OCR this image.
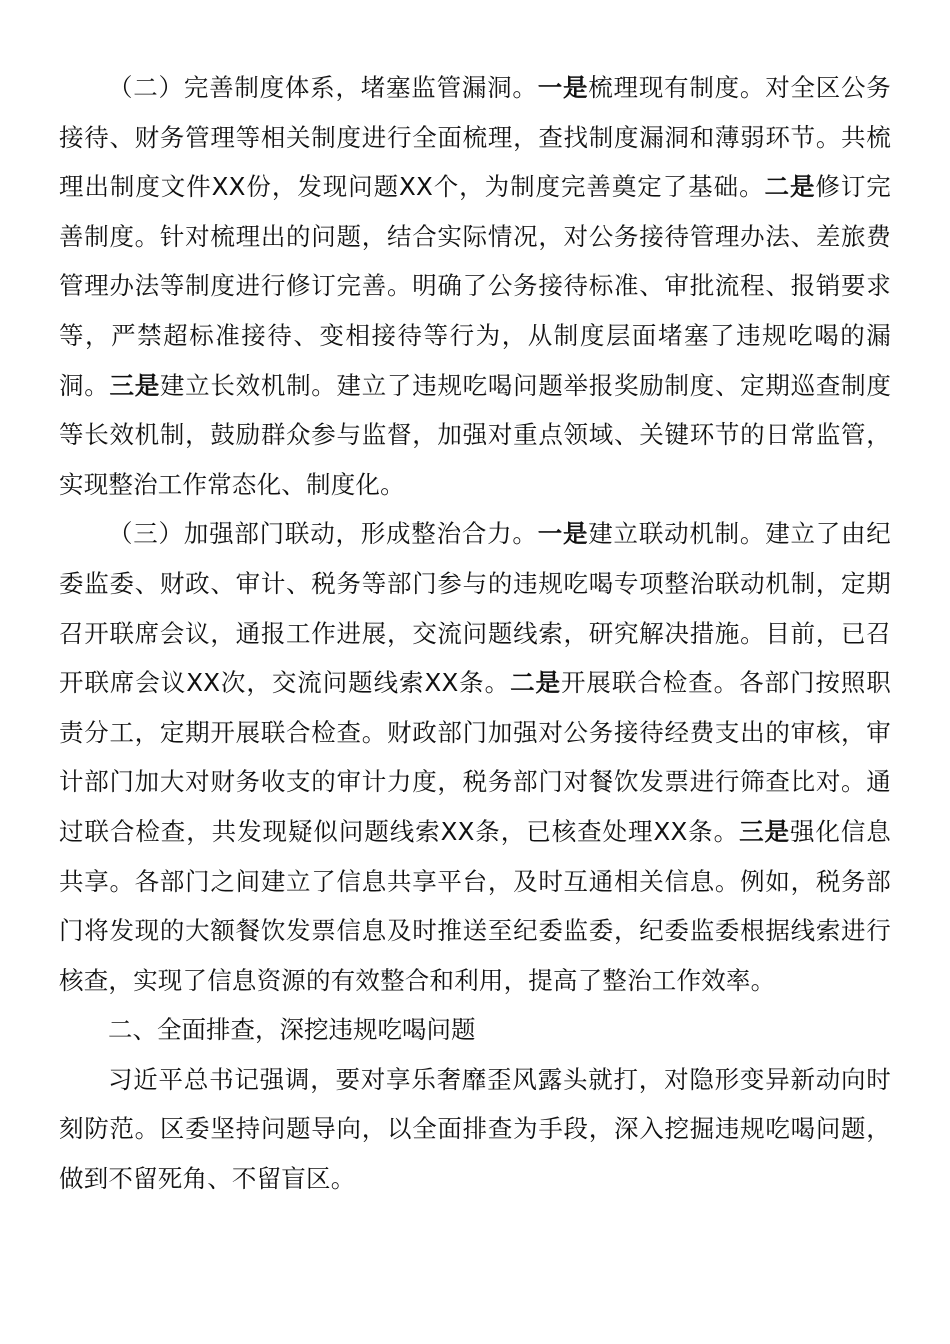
（二）完善制度体系，堵塞监管漏洞。一是梳理现有制度。对全区公务接待、财务管理等相关制度进行全面梳理，查找制度漏洞和薄弱环节。共梳理出制度文件XX份，发现问题XX个，为制度完善奠定了基础。二是修订完善制度。针对梳理出的问题，结合实际情况，对公务接待管理办法、差旅费管理办法等制度进行修订完善。明确了公务接待标准、审批流程、报销要求等，严禁超标准接待、变相接待等行为，从制度层面堵塞了违规吃喝的漏洞。三是建立长效机制。建立了违规吃喝问题举报奖励制度、定期巡查制度等长效机制，鼓励群众参与监督，加强对重点领域、关键环节的日常监管，实现整治工作常态化、制度化。

（三）加强部门联动，形成整治合力。一是建立联动机制。建立了由纪委监委、财政、审计、税务等部门参与的违规吃喝专项整治联动机制，定期召开联席会议，通报工作进展，交流问题线索，研究解决措施。目前，已召开联席会议XX次，交流问题线索XX条。二是开展联合检查。各部门按照职责分工，定期开展联合检查。财政部门加强对公务接待经费支出的审核，审计部门加大对财务收支的审计力度，税务部门对餐饮发票进行筛查比对。通过联合检查，共发现疑似问题线索XX条，已核查处理XX条。三是强化信息共享。各部门之间建立了信息共享平台，及时互通相关信息。例如，税务部门将发现的大额餐饮发票信息及时推送至纪委监委，纪委监委根据线索进行核查，实现了信息资源的有效整合和利用，提高了整治工作效率。

二、全面排查，深挖违规吃喝问题

习近平总书记强调，要对享乐奢靡歪风露头就打，对隐形变异新动向时刻防范。区委坚持问题导向，以全面排查为手段，深入挖掘违规吃喝问题，做到不留死角、不留盲区。
